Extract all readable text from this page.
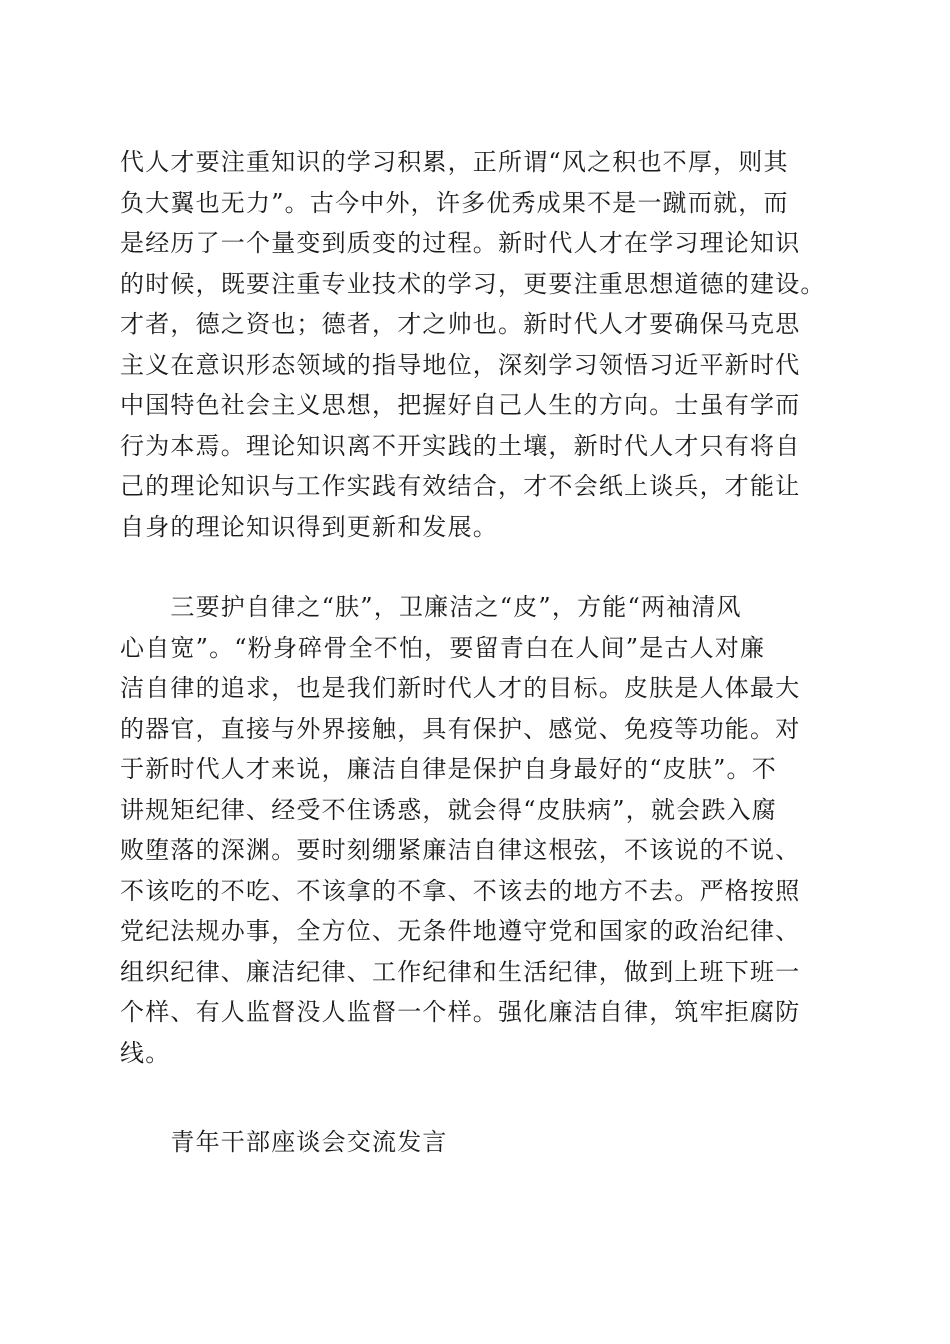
代人才要注重知识的学习积累，正所谓“风之积也不厚，则其
负大翼也无力”。古今中外，许多优秀成果不是一蹴而就，而
是经历了一个量变到质变的过程。新时代人才在学习理论知识
的时候，既要注重专业技术的学习，更要注重思想道德的建设。
才者，德之资也；德者，才之帅也。新时代人才要确保马克思
主义在意识形态领域的指导地位，深刻学习领悟习近平新时代
中国特色社会主义思想，把握好自己人生的方向。士虽有学而
行为本焉。理论知识离不开实践的土壤，新时代人才只有将自
己的理论知识与工作实践有效结合，才不会纸上谈兵，才能让
自身的理论知识得到更新和发展。
　　三要护自律之“肤”，卫廉洁之“皮”，方能“两袖清风
心自宽”。“粉身碎骨全不怕，要留青白在人间”是古人对廉
洁自律的追求，也是我们新时代人才的目标。皮肤是人体最大
的器官，直接与外界接触，具有保护、感觉、免疫等功能。对
于新时代人才来说，廉洁自律是保护自身最好的“皮肤”。不
讲规矩纪律、经受不住诱惑，就会得“皮肤病”，就会跌入腐
败堕落的深渊。要时刻绷紧廉洁自律这根弦，不该说的不说、
不该吃的不吃、不该拿的不拿、不该去的地方不去。严格按照
党纪法规办事，全方位、无条件地遵守党和国家的政治纪律、
组织纪律、廉洁纪律、工作纪律和生活纪律，做到上班下班一
个样、有人监督没人监督一个样。强化廉洁自律，筑牢拒腐防
线。
　　青年干部座谈会交流发言
